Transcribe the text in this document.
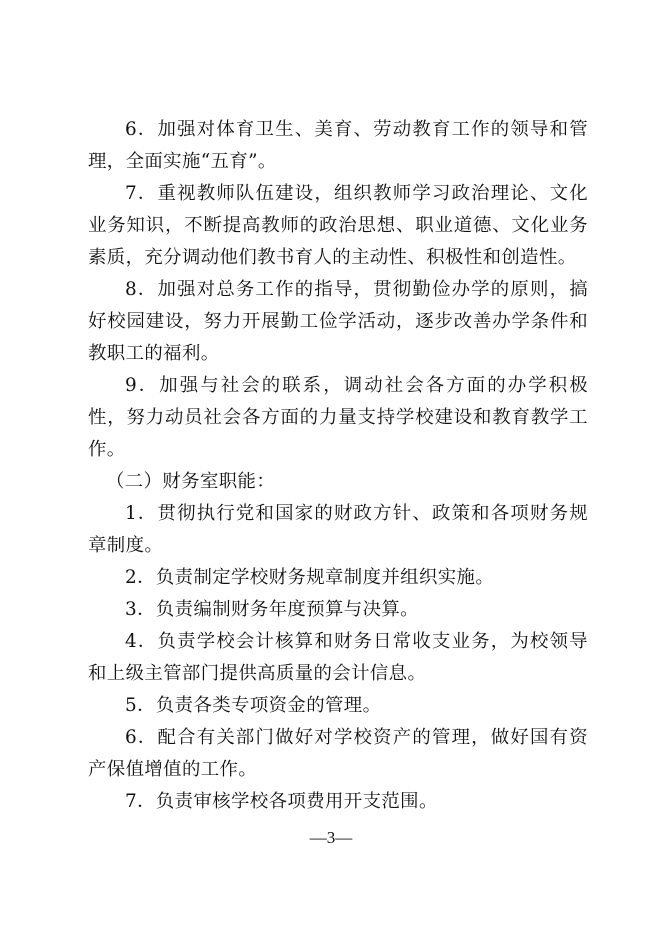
6．加强对体育卫生、美育、劳动教育工作的领导和管理，全面实施“五育”。

7．重视教师队伍建设，组织教师学习政治理论、文化业务知识，不断提高教师的政治思想、职业道德、文化业务素质，充分调动他们教书育人的主动性、积极性和创造性。

8．加强对总务工作的指导，贯彻勤俭办学的原则，搞好校园建设，努力开展勤工俭学活动，逐步改善办学条件和教职工的福利。

9．加强与社会的联系，调动社会各方面的办学积极性，努力动员社会各方面的力量支持学校建设和教育教学工作。

（二）财务室职能：

1．贯彻执行党和国家的财政方针、政策和各项财务规章制度。

2．负责制定学校财务规章制度并组织实施。

3．负责编制财务年度预算与决算。

4．负责学校会计核算和财务日常收支业务，为校领导和上级主管部门提供高质量的会计信息。

5．负责各类专项资金的管理。

6．配合有关部门做好对学校资产的管理，做好国有资产保值增值的工作。

7．负责审核学校各项费用开支范围。

—3—
